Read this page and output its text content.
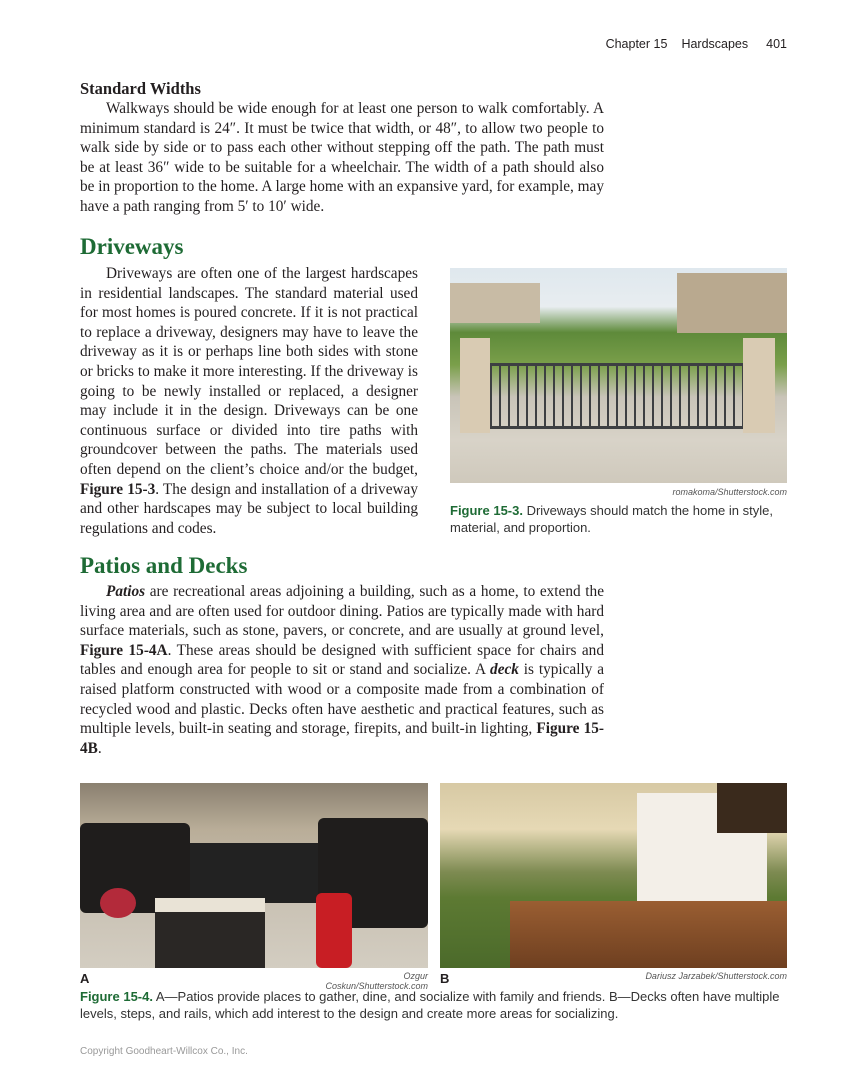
Chapter 15 Hardscapes 401
Standard Widths

Walkways should be wide enough for at least one person to walk comfortably. A minimum standard is 24″. It must be twice that width, or 48″, to allow two people to walk side by side or to pass each other without stepping off the path. The path must be at least 36″ wide to be suitable for a wheelchair. The width of a path should also be in proportion to the home. A large home with an expansive yard, for example, may have a path ranging from 5′ to 10′ wide.

Driveways

Driveways are often one of the largest hardscapes in residential landscapes. The standard material used for most homes is poured concrete. If it is not practical to replace a driveway, designers may have to leave the driveway as it is or perhaps line both sides with stone or bricks to make it more interesting. If the driveway is going to be newly installed or replaced, a designer may include it in the design. Driveways can be one continuous surface or divided into tire paths with groundcover between the paths. The materials used often depend on the client’s choice and/or the budget, Figure 15-3. The design and installation of a driveway and other hardscapes may be subject to local building regulations and codes.

romakoma/Shutterstock.com
Figure 15-3. Driveways should match the home in style, material, and proportion.
Patios and Decks

Patios are recreational areas adjoining a building, such as a home, to extend the living area and are often used for outdoor dining. Patios are typically made with hard surface materials, such as stone, pavers, or concrete, and are usually at ground level, Figure 15-4A. These areas should be designed with sufficient space for chairs and tables and enough area for people to sit or stand and socialize. A deck is typically a raised platform constructed with wood or a composite made from a combination of recycled wood and plastic. Decks often have aesthetic and practical features, such as multiple levels, built-in seating and storage, firepits, and built-in lighting, Figure 15-4B.

A	Ozgur Coskun/Shutterstock.com B	Dariusz Jarzabek/Shutterstock.com
Figure 15-4. A—Patios provide places to gather, dine, and socialize with family and friends. B—Decks often have multiple levels, steps, and rails, which add interest to the design and create more areas for socializing.
Copyright Goodheart-Willcox Co., Inc.
